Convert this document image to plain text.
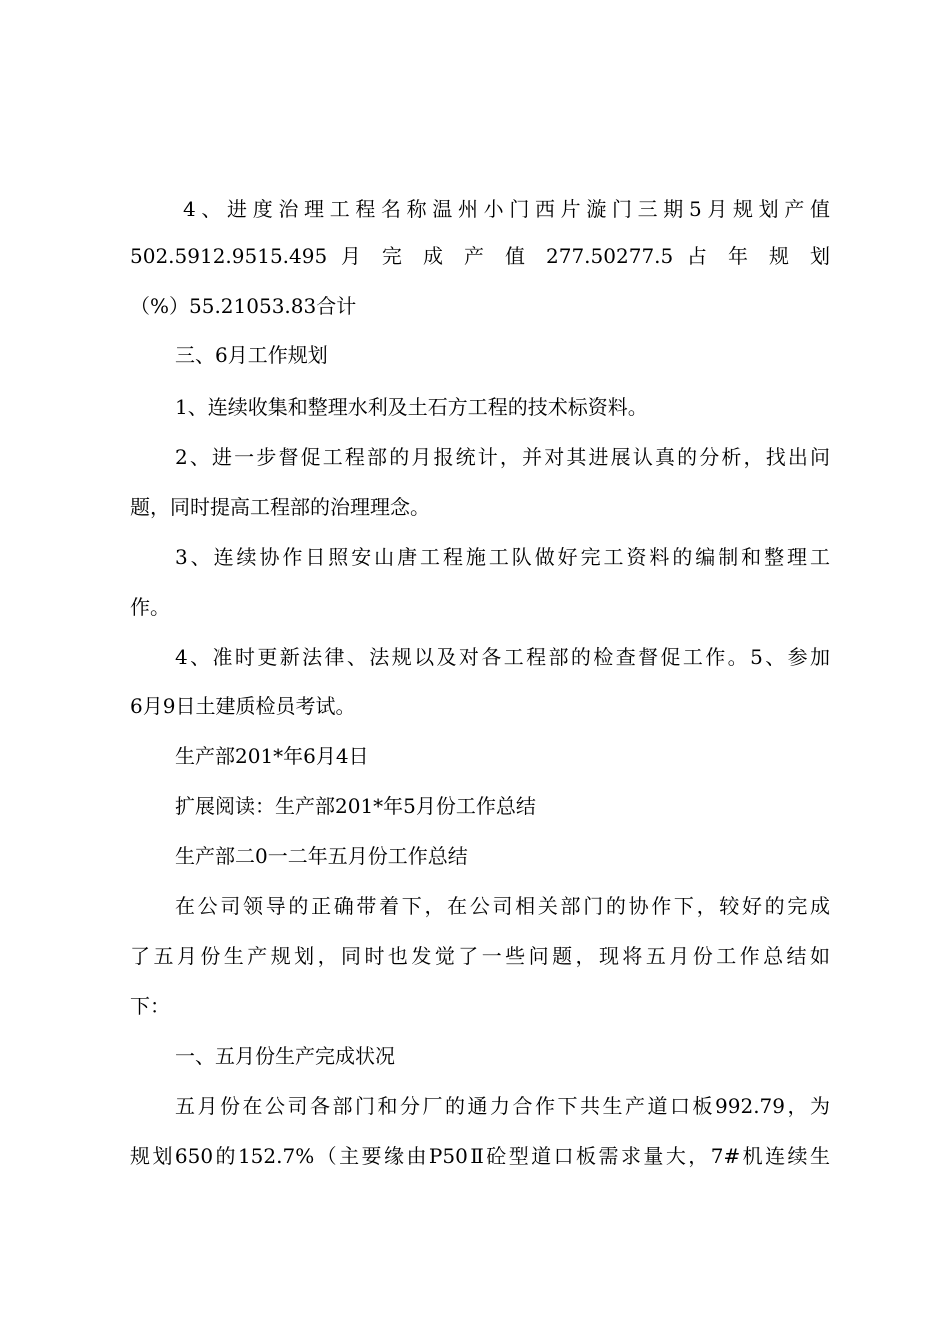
4、进度治理工程名称温州小门西片漩门三期5月规划产值
502.5912.9515.495 月 完 成 产 值 277.50277.5 占 年 规 划
（%）55.21053.83合计
三、6月工作规划
1、连续收集和整理水利及土石方工程的技术标资料。
2、进一步督促工程部的月报统计，并对其进展认真的分析，找出问
题，同时提高工程部的治理理念。
3、连续协作日照安山唐工程施工队做好完工资料的编制和整理工
作。
4、准时更新法律、法规以及对各工程部的检查督促工作。5、参加
6月9日土建质检员考试。
生产部201*年6月4日
扩展阅读：生产部201*年5月份工作总结
生产部二0一二年五月份工作总结
在公司领导的正确带着下，在公司相关部门的协作下，较好的完成
了五月份生产规划，同时也发觉了一些问题，现将五月份工作总结如
下：
一、五月份生产完成状况
五月份在公司各部门和分厂的通力合作下共生产道口板992.79，为
规划650的152.7%（主要缘由P50Ⅱ砼型道口板需求量大，7#机连续生
